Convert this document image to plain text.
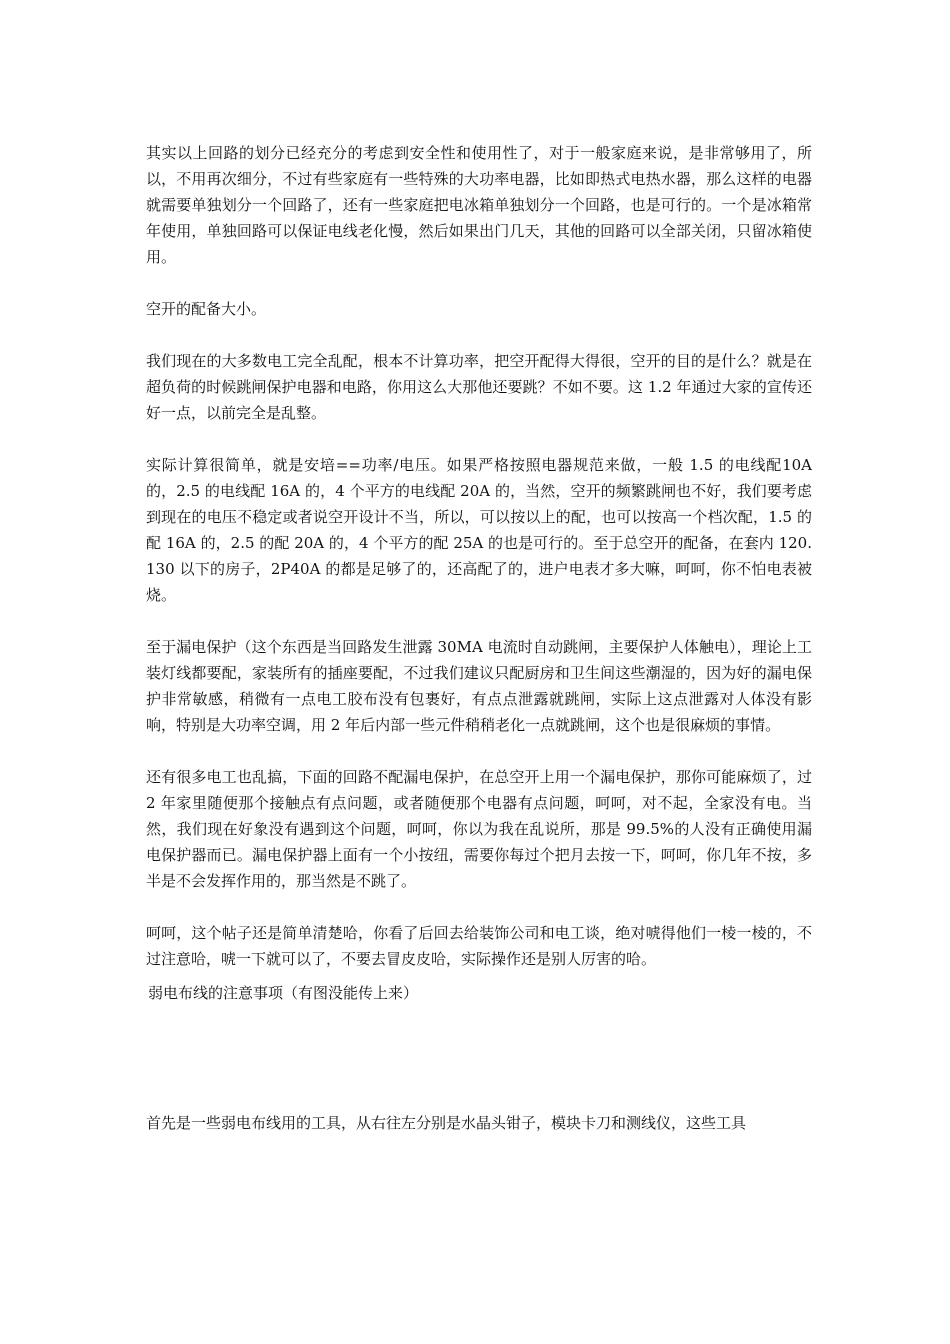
其实以上回路的划分已经充分的考虑到安全性和使用性了，对于一般家庭来说，是非常够用了，所以，不用再次细分，不过有些家庭有一些特殊的大功率电器，比如即热式电热水器，那么这样的电器就需要单独划分一个回路了，还有一些家庭把电冰箱单独划分一个回路，也是可行的。一个是冰箱常年使用，单独回路可以保证电线老化慢，然后如果出门几天，其他的回路可以全部关闭，只留冰箱使用。

空开的配备大小。

我们现在的大多数电工完全乱配，根本不计算功率，把空开配得大得很，空开的目的是什么？就是在超负荷的时候跳闸保护电器和电路，你用这么大那他还要跳？不如不要。这 1.2 年通过大家的宣传还好一点，以前完全是乱整。

实际计算很简单，就是安培==功率/电压。如果严格按照电器规范来做，一般 1.5 的电线配10A 的，2.5 的电线配 16A 的，4 个平方的电线配 20A 的，当然，空开的频繁跳闸也不好，我们要考虑到现在的电压不稳定或者说空开设计不当，所以，可以按以上的配，也可以按高一个档次配，1.5 的配 16A 的，2.5 的配 20A 的，4 个平方的配 25A 的也是可行的。至于总空开的配备，在套内 120.130 以下的房子，2P40A 的都是足够了的，还高配了的，进户电表才多大嘛，呵呵，你不怕电表被烧。

至于漏电保护（这个东西是当回路发生泄露 30MA 电流时自动跳闸，主要保护人体触电），理论上工装灯线都要配，家装所有的插座要配，不过我们建议只配厨房和卫生间这些潮湿的，因为好的漏电保护非常敏感，稍微有一点电工胶布没有包裹好，有点点泄露就跳闸，实际上这点泄露对人体没有影响，特别是大功率空调，用 2 年后内部一些元件稍稍老化一点就跳闸，这个也是很麻烦的事情。

还有很多电工也乱搞，下面的回路不配漏电保护，在总空开上用一个漏电保护，那你可能麻烦了，过 2 年家里随便那个接触点有点问题，或者随便那个电器有点问题，呵呵，对不起，全家没有电。当然，我们现在好象没有遇到这个问题，呵呵，你以为我在乱说所，那是 99.5%的人没有正确使用漏电保护器而已。漏电保护器上面有一个小按纽，需要你每过个把月去按一下，呵呵，你几年不按，多半是不会发挥作用的，那当然是不跳了。

呵呵，这个帖子还是简单清楚哈，你看了后回去给装饰公司和电工谈，绝对唬得他们一棱一棱的，不过注意哈，唬一下就可以了，不要去冒皮皮哈，实际操作还是别人厉害的哈。

弱电布线的注意事项（有图没能传上来）

首先是一些弱电布线用的工具，从右往左分别是水晶头钳子，模块卡刀和测线仪，这些工具
